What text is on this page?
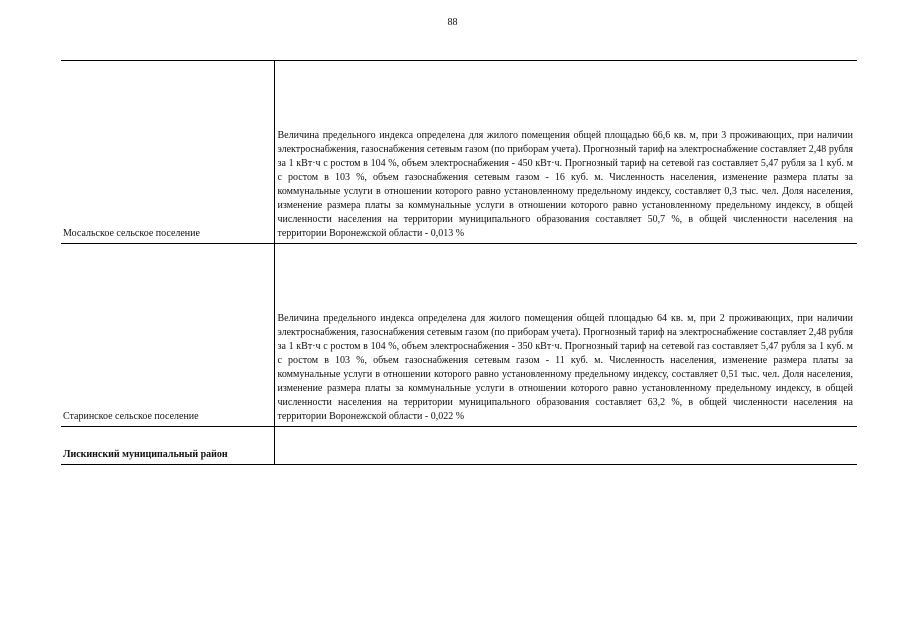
88
Мосальское сельское поселение	Величина предельного индекса определена для жилого помещения общей площадью 66,6 кв. м, при 3 проживающих, при наличии электроснабжения, газоснабжения сетевым газом (по приборам учета). Прогнозный тариф на электроснабжение составляет 2,48 рубля за 1 кВт·ч с ростом в 104 %, объем электроснабжения - 450 кВт·ч. Прогнозный тариф на сетевой газ составляет 5,47 рубля за 1 куб. м с ростом в 103 %, объем газоснабжения сетевым газом - 16 куб. м. Численность населения, изменение размера платы за коммунальные услуги в отношении которого равно установленному предельному индексу, составляет 0,3 тыс. чел. Доля населения, изменение размера платы за коммунальные услуги в отношении которого равно установленному предельному индексу, в общей численности населения на территории муниципального образования составляет 50,7 %, в общей численности населения на территории Воронежской области - 0,013 %

Старинское сельское поселение	Величина предельного индекса определена для жилого помещения общей площадью 64 кв. м, при 2 проживающих, при наличии электроснабжения, газоснабжения сетевым газом (по приборам учета). Прогнозный тариф на электроснабжение составляет 2,48 рубля за 1 кВт·ч с ростом в 104 %, объем электроснабжения - 350 кВт·ч. Прогнозный тариф на сетевой газ составляет 5,47 рубля за 1 куб. м с ростом в 103 %, объем газоснабжения сетевым газом - 11 куб. м. Численность населения, изменение размера платы за коммунальные услуги в отношении которого равно установленному предельному индексу, составляет 0,51 тыс. чел. Доля населения, изменение размера платы за коммунальные услуги в отношении которого равно установленному предельному индексу, в общей численности населения на территории муниципального образования составляет 63,2 %, в общей численности населения на территории Воронежской области - 0,022 %

Лискинский муниципальный район	
